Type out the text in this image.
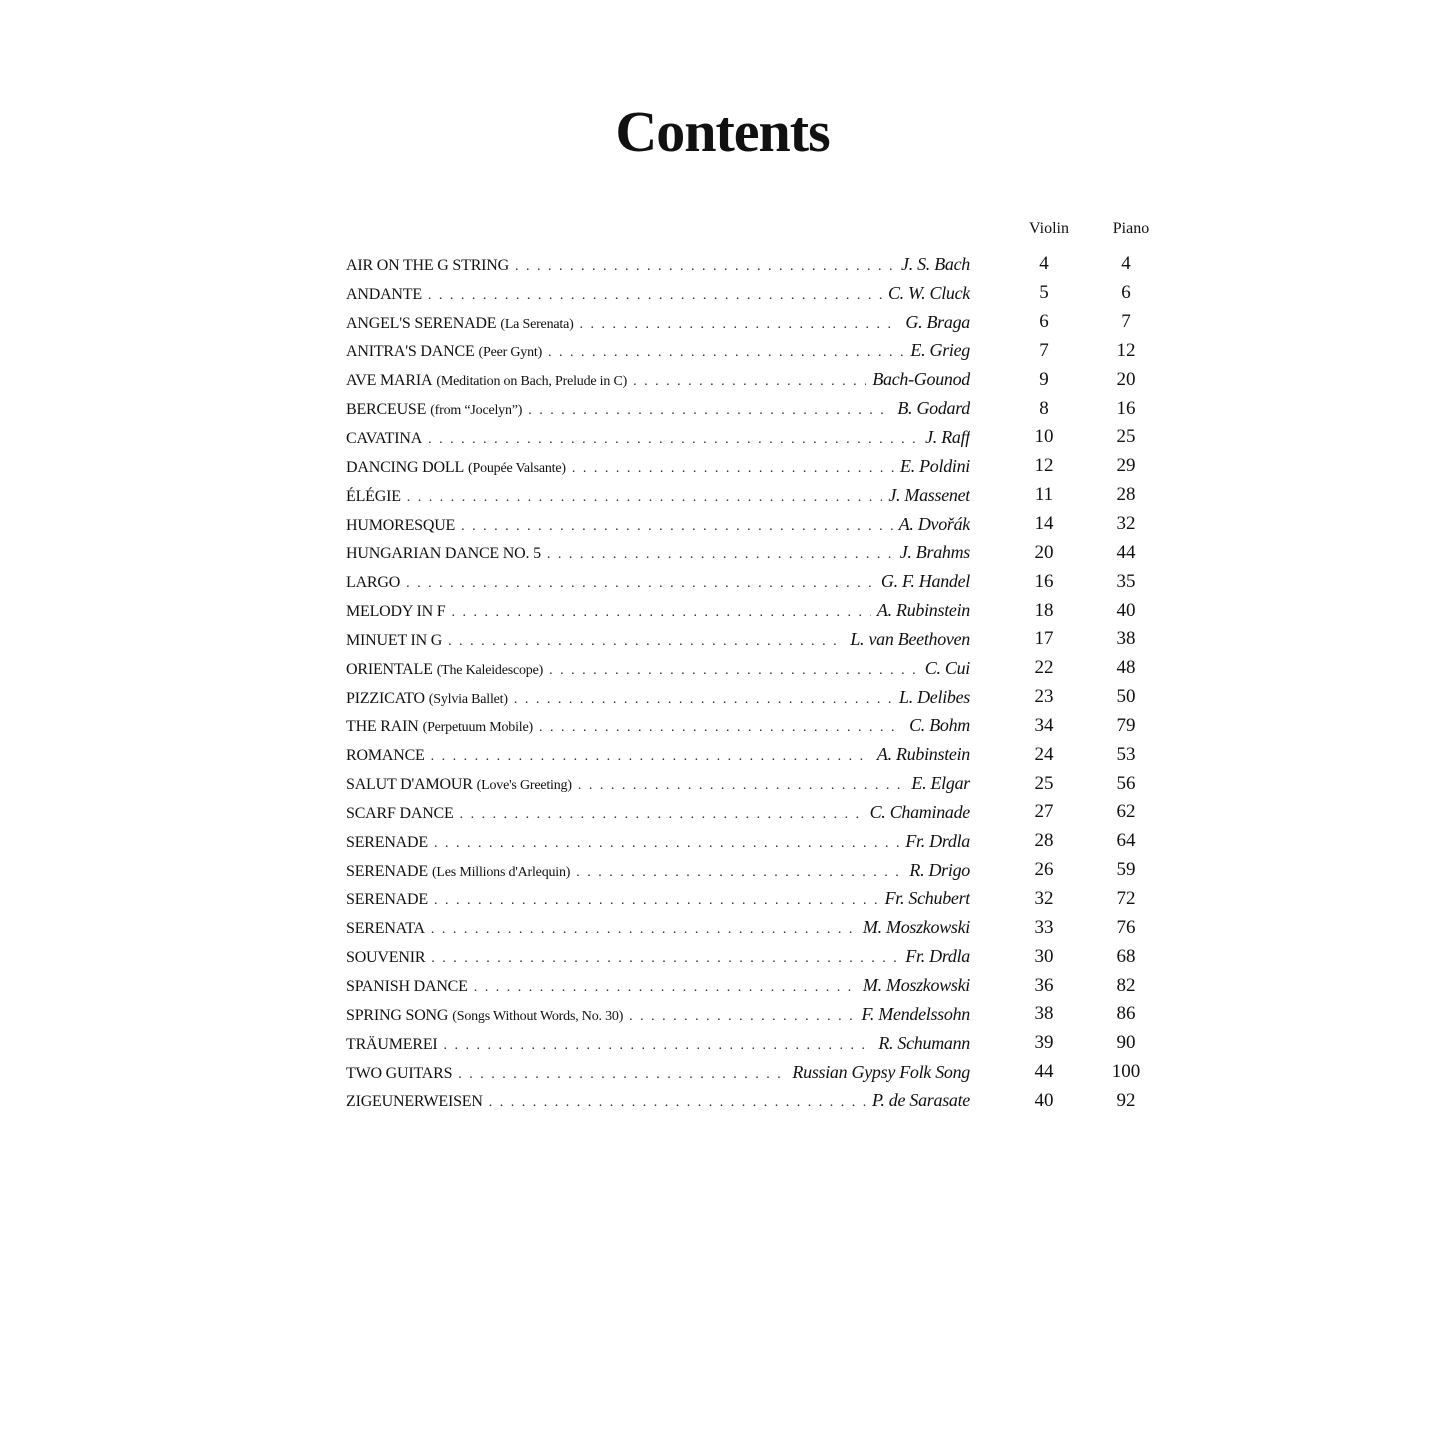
Contents
Violin	Piano
AIR ON THE G STRING . . .	J. S. Bach	4	4
ANDANTE . . .	C. W. Cluck	5	6
ANGEL'S SERENADE (La Serenata) . . .	G. Braga	6	7
ANITRA'S DANCE (Peer Gynt) . . .	E. Grieg	7	12
AVE MARIA (Meditation on Bach, Prelude in C) . . .	Bach-Gounod	9	20
BERCEUSE (from “Jocelyn”) . . .	B. Godard	8	16
CAVATINA . . .	J. Raff	10	25
DANCING DOLL (Poupée Valsante) . . .	E. Poldini	12	29
ÉLÉGIE . . .	J. Massenet	11	28
HUMORESQUE . . .	A. Dvořák	14	32
HUNGARIAN DANCE NO. 5 . . .	J. Brahms	20	44
LARGO . . .	G. F. Handel	16	35
MELODY IN F . . .	A. Rubinstein	18	40
MINUET IN G . . .	L. van Beethoven	17	38
ORIENTALE (The Kaleidescope) . . .	C. Cui	22	48
PIZZICATO (Sylvia Ballet) . . .	L. Delibes	23	50
THE RAIN (Perpetuum Mobile) . . .	C. Bohm	34	79
ROMANCE . . .	A. Rubinstein	24	53
SALUT D'AMOUR (Love's Greeting) . . .	E. Elgar	25	56
SCARF DANCE . . .	C. Chaminade	27	62
SERENADE . . .	Fr. Drdla	28	64
SERENADE (Les Millions d'Arlequin) . . .	R. Drigo	26	59
SERENADE . . .	Fr. Schubert	32	72
SERENATA . . .	M. Moszkowski	33	76
SOUVENIR . . .	Fr. Drdla	30	68
SPANISH DANCE . . .	M. Moszkowski	36	82
SPRING SONG (Songs Without Words, No. 30) . . .	F. Mendelssohn	38	86
TRÄUMEREI . . .	R. Schumann	39	90
TWO GUITARS . . .	Russian Gypsy Folk Song	44	100
ZIGEUNERWEISEN . . .	P. de Sarasate	40	92
